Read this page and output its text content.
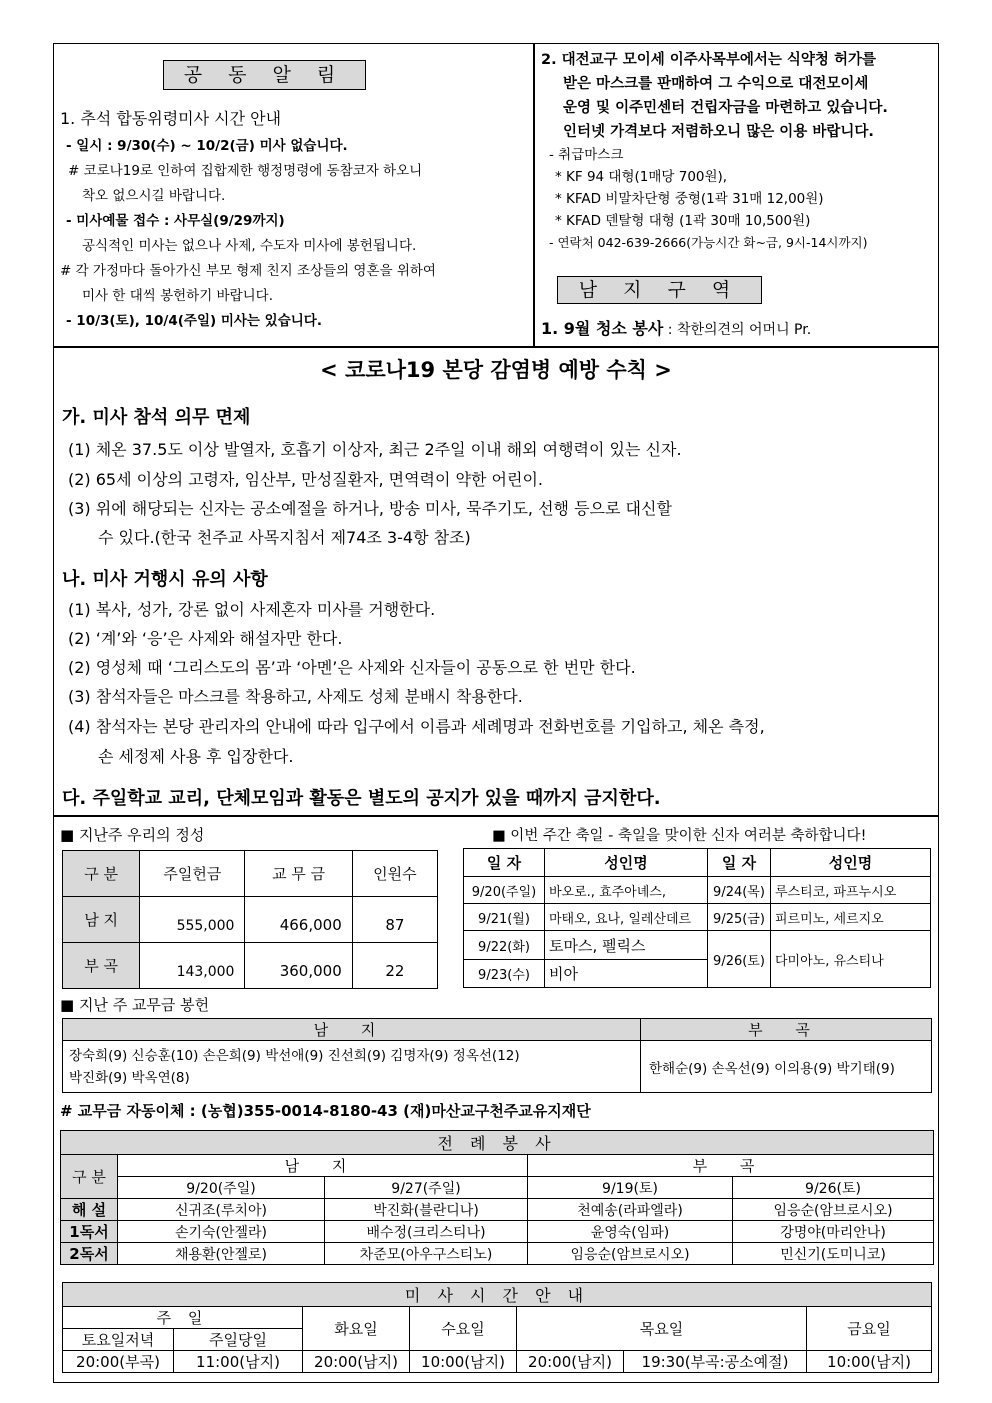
공 동 알 림
1. 추석 합동위령미사 시간 안내
- 일시 : 9/30(수) ~ 10/2(금) 미사 없습니다.
# 코로나19로 인하여 집합제한 행정명령에 동참코자 하오니
착오 없으시길 바랍니다.
- 미사예물 접수 : 사무실(9/29까지)
공식적인 미사는 없으나 사제, 수도자 미사에 봉헌됩니다.
# 각 가정마다 돌아가신 부모 형제 친지 조상들의 영혼을 위하여
미사 한 대씩 봉헌하기 바랍니다.
- 10/3(토), 10/4(주일) 미사는 있습니다.
2. 대전교구 모이세 이주사목부에서는 식약청 허가를
받은 마스크를 판매하여 그 수익으로 대전모이세
운영 및 이주민센터 건립자금을 마련하고 있습니다.
인터넷 가격보다 저렴하오니 많은 이용 바랍니다.
- 취급마스크
* KF 94 대형(1매당 700원),
* KFAD 비말차단형 중형(1곽 31매 12,00원)
* KFAD 덴탈형 대형 (1곽 30매 10,500원)
- 연락처 042-639-2666(가능시간 화~금, 9시-14시까지)
남 지 구 역
1. 9월 청소 봉사 : 착한의견의 어머니 Pr.
< 코로나19 본당 감염병 예방 수칙 >
가. 미사 참석 의무 면제
(1) 체온 37.5도 이상 발열자, 호흡기 이상자, 최근 2주일 이내 해외 여행력이 있는 신자.
(2) 65세 이상의 고령자, 임산부, 만성질환자, 면역력이 약한 어린이.
(3) 위에 해당되는 신자는 공소예절을 하거나, 방송 미사, 묵주기도, 선행 등으로 대신할
수 있다.(한국 천주교 사목지침서 제74조 3-4항 참조)
나. 미사 거행시 유의 사항
(1) 복사, 성가, 강론 없이 사제혼자 미사를 거행한다.
(2) ‘계’와 ‘응’은 사제와 해설자만 한다.
(2) 영성체 때 ‘그리스도의 몸’과 ‘아멘’은 사제와 신자들이 공동으로 한 번만 한다.
(3) 참석자들은 마스크를 착용하고, 사제도 성체 분배시 착용한다.
(4) 참석자는 본당 관리자의 안내에 따라 입구에서 이름과 세례명과 전화번호를 기입하고, 체온 측정,
손 세정제 사용 후 입장한다.
다. 주일학교 교리, 단체모임과 활동은 별도의 공지가 있을 때까지 금지한다.
■ 지난주 우리의 정성
구 분	주일헌금	교 무 금	인원수
남 지	555,000	466,000	87
부 곡	143,000	360,000	22
■ 이번 주간 축일 - 축일을 맞이한 신자 여러분 축하합니다!
일 자	성인명	일 자	성인명
9/20(주일)	바오로., 효주아녜스,	9/24(목)	루스티코, 파프누시오
9/21(월)	마태오, 요나, 일레산데르	9/25(금)	피르미노, 세르지오
9/22(화)	토마스, 펠릭스	9/26(토)	다미아노, 유스티나
9/23(수)	비아		
■ 지난 주 교무금 봉헌
남 지	부 곡

장숙희(9) 신승훈(10) 손은희(9) 박선애(9) 진선희(9) 김명자(9) 정옥선(12)
박진화(9) 박옥연(8)	한해순(9) 손옥선(9) 이의용(9) 박기태(9)
# 교무금 자동이체 : (농협)355-0014-8180-43 (재)마산교구천주교유지재단
전 례 봉 사				
구 분	남 지		부 곡	
	9/20(주일)	9/27(주일)	9/19(토)	9/26(토)
해 설	신귀조(루치아)	박진화(블란디나)	천예송(라파엘라)	임응순(암브로시오)
1독서	손기숙(안젤라)	배수정(크리스티나)	윤영숙(임파)	강명야(마리안나)
2독서	채용환(안젤로)	차준모(아우구스티노)	임응순(암브로시오)	민신기(도미니코)
미 사 시 간 안 내						
주 일		화요일	수요일	목요일		금요일
토요일저녁	주일당일					
20:00(부곡)	11:00(남지)	20:00(남지)	10:00(남지)	20:00(남지)	19:30(부곡:공소예절)	10:00(남지)
